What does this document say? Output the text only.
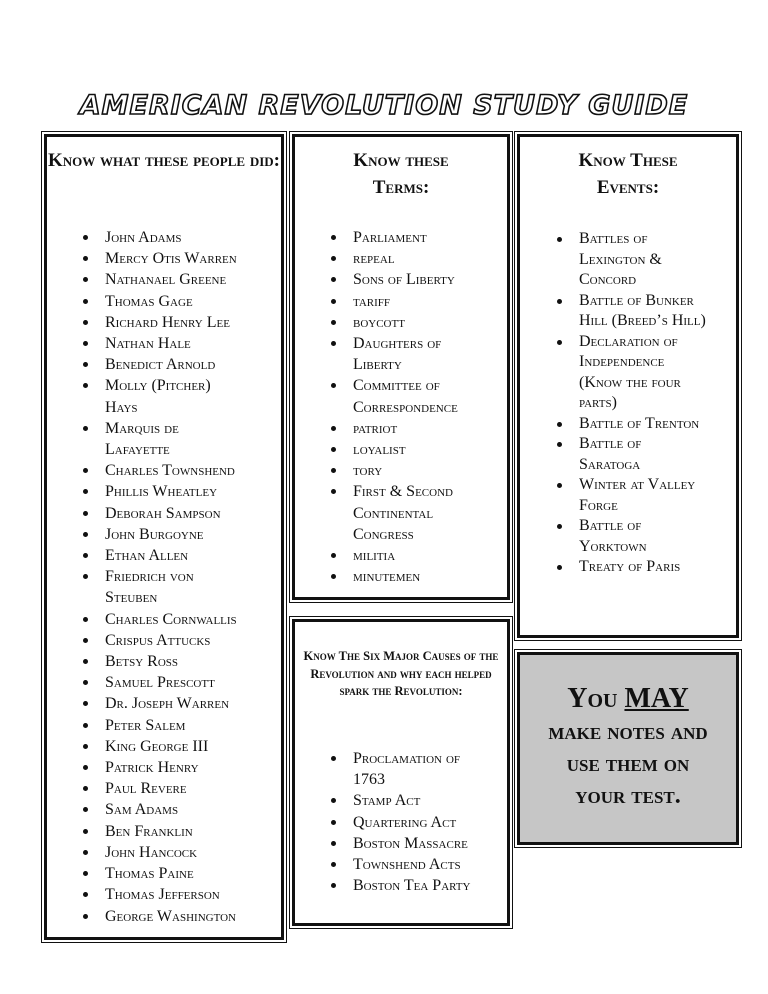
AMERICAN REVOLUTION STUDY GUIDE
Know what these people did:
John Adams
Mercy Otis Warren
Nathanael Greene
Thomas Gage
Richard Henry Lee
Nathan Hale
Benedict Arnold
Molly (Pitcher) Hays
Marquis de Lafayette
Charles Townshend
Phillis Wheatley
Deborah Sampson
John Burgoyne
Ethan Allen
Friedrich von Steuben
Charles Cornwallis
Crispus Attucks
Betsy Ross
Samuel Prescott
Dr. Joseph Warren
Peter Salem
King George III
Patrick Henry
Paul Revere
Sam Adams
Ben Franklin
John Hancock
Thomas Paine
Thomas Jefferson
George Washington
Know these Terms:
Parliament
repeal
Sons of Liberty
tariff
boycott
Daughters of Liberty
Committee of Correspondence
patriot
loyalist
tory
First & Second Continental Congress
militia
minutemen
Know These Events:
Battles of Lexington & Concord
Battle of Bunker Hill (Breed’s Hill)
Declaration of Independence (Know the four parts)
Battle of Trenton
Battle of Saratoga
Winter at Valley Forge
Battle of Yorktown
Treaty of Paris
Know The Six Major Causes of the Revolution and why each helped spark the Revolution:
Proclamation of 1763
Stamp Act
Quartering Act
Boston Massacre
Townshend Acts
Boston Tea Party
You MAY
make notes and use them on your test.
